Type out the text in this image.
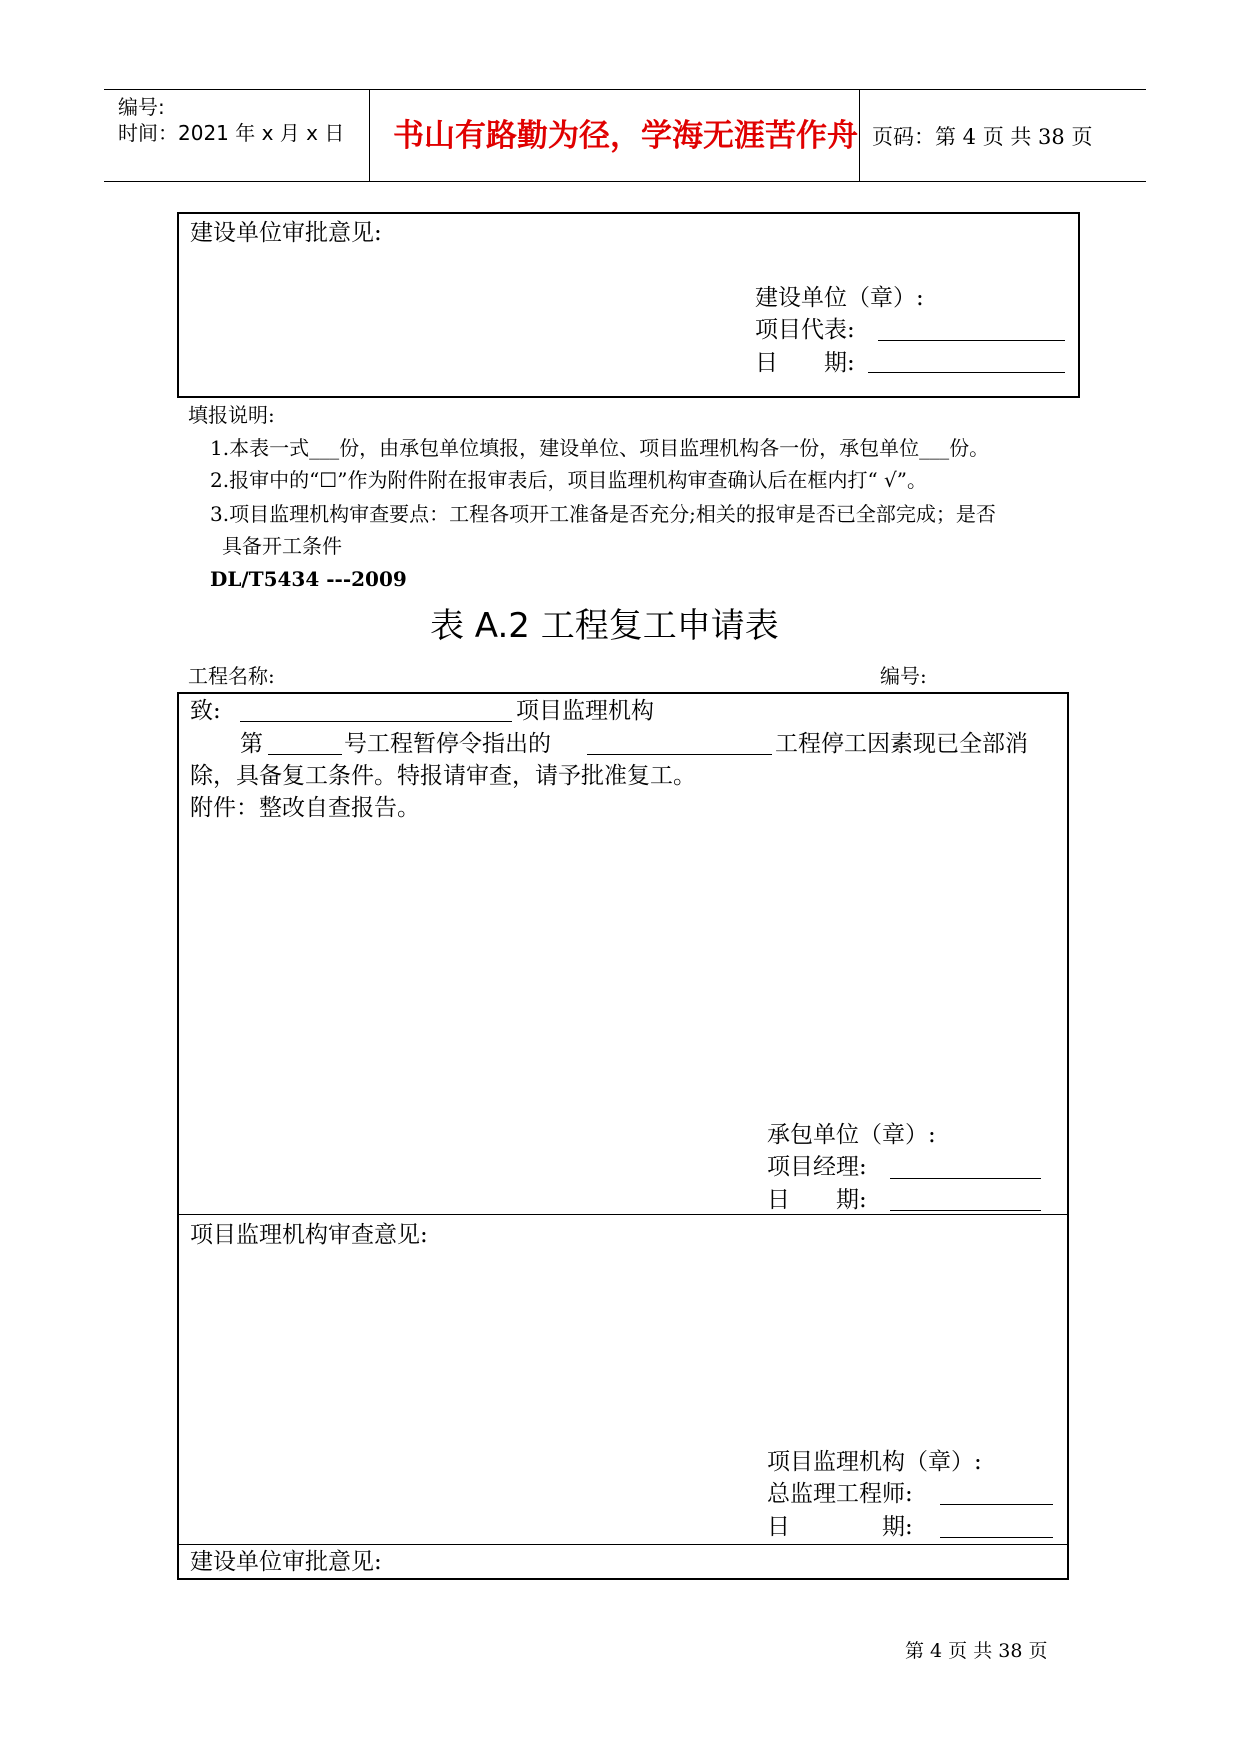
编号:
时间：2021 年 x 月 x 日 书山有路勤为径，学海无涯苦作舟 页码：第 4 页 共 38 页
建设单位审批意见:
建设单位（章）:
项目代表:
日　　期:
填报说明:
1.本表一式___份，由承包单位填报，建设单位、项目监理机构各一份，承包单位___份。
2.报审中的“☐”作为附件附在报审表后，项目监理机构审查确认后在框内打“ √”。
3.项目监理机构审查要点：工程各项开工准备是否充分;相关的报审是否已全部完成；是否
具备开工条件
DL/T5434 ---2009
表 A.2 工程复工申请表
工程名称:	编号:
致:	项目监理机构
第	号工程暂停令指出的	工程停工因素现已全部消
除，具备复工条件。特报请审查，请予批准复工。
附件：整改自查报告。
承包单位（章）:
项目经理:
日　　期:
项目监理机构审查意见:
项目监理机构（章）:
总监理工程师:
日　　　　期:
建设单位审批意见:
第 4 页 共 38 页
